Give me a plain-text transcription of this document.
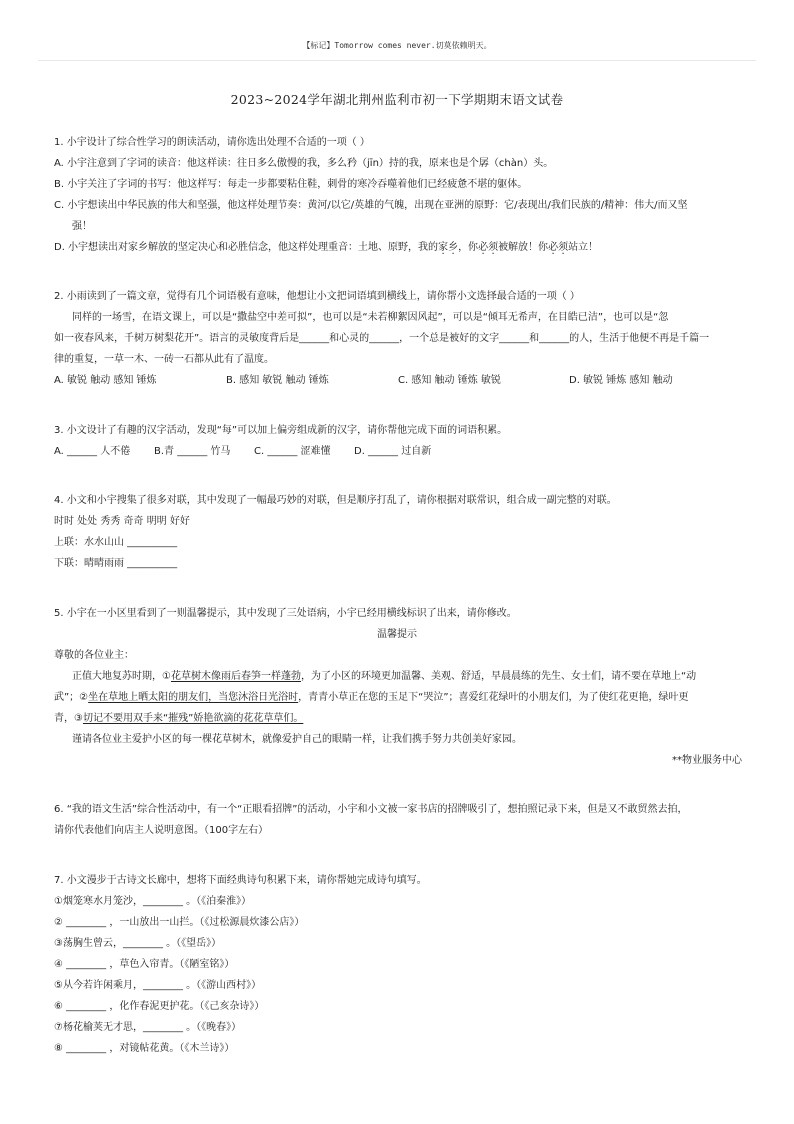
【标记】Tomorrow comes never.切莫依赖明天。
2023~2024学年湖北荆州监利市初一下学期期末语文试卷
1. 小宇设计了综合性学习的朗读活动，请你选出处理不合适的一项（ ）
A. 小宇注意到了字词的读音：他这样读：往日多么傲慢的我，多么矜（jīn）持的我，原来也是个孱（chàn）头。
B. 小宇关注了字词的书写：他这样写：每走一步都要粘住鞋，刺骨的寒冷吞噬着他们已经疲惫不堪的躯体。
C. 小宇想读出中华民族的伟大和坚强，他这样处理节奏：黄河/以它/英雄的气魄，出现在亚洲的原野：它/表现出/我们民族的/精神：伟大/而又坚
强！
D. 小宇想读出对家乡解放的坚定决心和必胜信念，他这样处理重音：土地、原野，我的家乡，你必须被解放！你必须站立！
2. 小雨读到了一篇文章，觉得有几个词语极有意味，他想让小文把词语填到横线上，请你帮小文选择最合适的一项（ ）
同样的一场雪，在语文课上，可以是“撒盐空中差可拟”，也可以是“未若柳絮因风起”，可以是“倾耳无希声，在目皓已洁”，也可以是“忽
如一夜春风来，千树万树梨花开”。语言的灵敏度背后是______和心灵的______，一个总是被好的文字______和______的人，生活于他便不再是千篇一
律的重复，一草一木、一砖一石都从此有了温度。
A. 敏锐 触动 感知 锤炼	B. 感知 敏锐 触动 锤炼	C. 感知 触动 锤炼 敏锐	D. 敏锐 锤炼 感知 触动
3. 小文设计了有趣的汉字活动，发现“每”可以加上偏旁组成新的汉字，请你帮他完成下面的词语积累。
A. ______ 人不倦 B.青 ______ 竹马 C. ______ 涩难懂 D. ______ 过自新
4. 小文和小宇搜集了很多对联，其中发现了一幅最巧妙的对联，但是顺序打乱了，请你根据对联常识，组合成一副完整的对联。
时时 处处 秀秀 奇奇 明明 好好
上联：水水山山 __________
下联：晴晴雨雨 __________
5. 小宇在一小区里看到了一则温馨提示，其中发现了三处语病，小宇已经用横线标识了出来，请你修改。
温馨提示
尊敬的各位业主：
正值大地复苏时期，①花草树木像雨后春笋一样蓬勃，为了小区的环境更加温馨、美观、舒适，早晨晨练的先生、女士们，请不要在草地上“动
武”；②坐在草地上晒太阳的朋友们，当您沐浴日光浴时，青青小草正在您的玉足下“哭泣”；喜爱红花绿叶的小朋友们，为了使红花更艳，绿叶更
青，③切记不要用双手来“摧残”娇艳欲滴的花花草草们。
谨请各位业主爱护小区的每一棵花草树木，就像爱护自己的眼睛一样，让我们携手努力共创美好家园。
**物业服务中心
6. “我的语文生活”综合性活动中，有一个“正眼看招牌”的活动，小宇和小文被一家书店的招牌吸引了，想拍照记录下来，但是又不敢贸然去拍，
请你代表他们向店主人说明意图。（100字左右）
7. 小文漫步于古诗文长廊中，想将下面经典诗句积累下来，请你帮她完成诗句填写。
①烟笼寒水月笼沙，________ 。（《泊秦淮》）
② ________ ，一山放出一山拦。（《过松源晨炊漆公店》）
③荡胸生曾云，________ 。（《望岳》）
④ ________ ，草色入帘青。（《陋室铭》）
⑤从今若许闲乘月，________ 。（《游山西村》）
⑥ ________ ，化作春泥更护花。（《己亥杂诗》）
⑦杨花榆荚无才思，________ 。（《晚春》）
⑧ ________ ，对镜帖花黄。（《木兰诗》）
